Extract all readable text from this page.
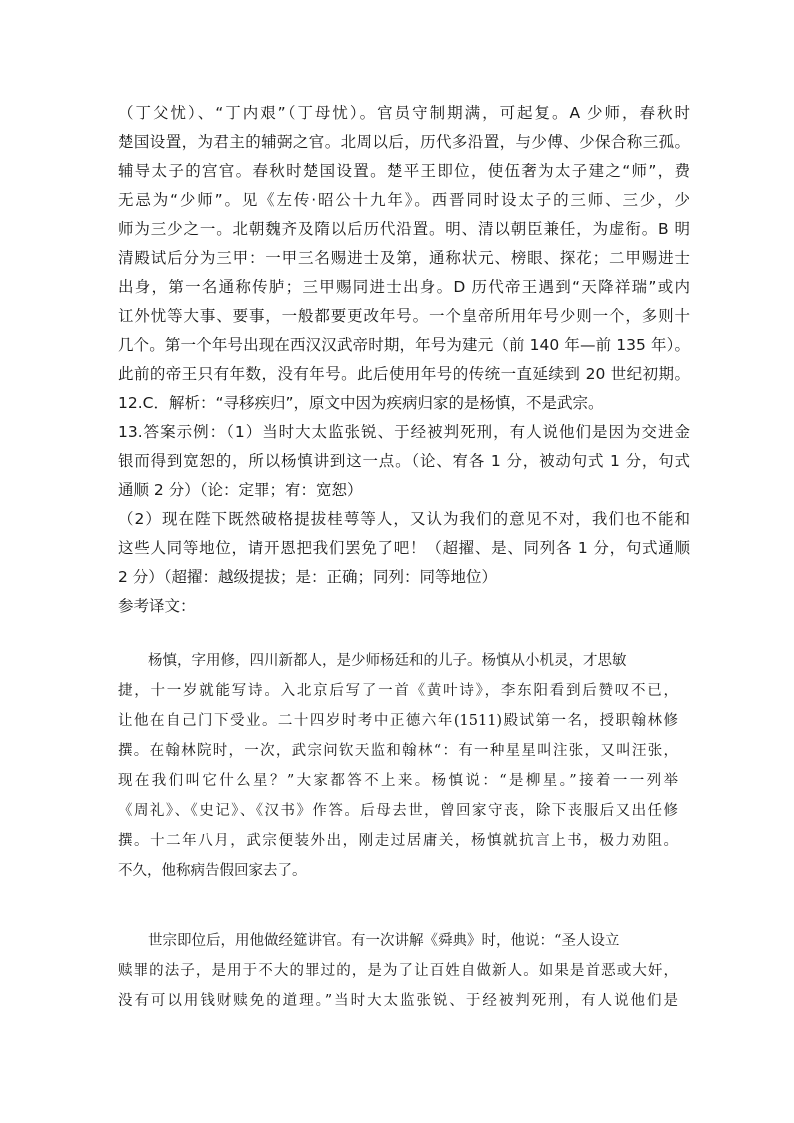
（丁父忧）、“丁内艰”（丁母忧）。官员守制期满，可起复。A 少师，春秋时
楚国设置，为君主的辅弼之官。北周以后，历代多沿置，与少傅、少保合称三孤。
辅导太子的宫官。春秋时楚国设置。楚平王即位，使伍奢为太子建之“师”，费
无忌为“少师”。见《左传·昭公十九年》。西晋同时设太子的三师、三少，少
师为三少之一。北朝魏齐及隋以后历代沿置。明、清以朝臣兼任，为虚衔。B 明
清殿试后分为三甲：一甲三名赐进士及第，通称状元、榜眼、探花；二甲赐进士
出身，第一名通称传胪；三甲赐同进士出身。D 历代帝王遇到“天降祥瑞”或内
讧外忧等大事、要事，一般都要更改年号。一个皇帝所用年号少则一个，多则十
几个。第一个年号出现在西汉汉武帝时期，年号为建元（前 140 年—前 135 年）。
此前的帝王只有年数，没有年号。此后使用年号的传统一直延续到 20 世纪初期。
12.C．解析：“寻移疾归”，原文中因为疾病归家的是杨慎，不是武宗。
13.答案示例：（1）当时大太监张锐、于经被判死刑，有人说他们是因为交进金
银而得到宽恕的，所以杨慎讲到这一点。（论、宥各 1 分，被动句式 1 分，句式
通顺 2 分）（论：定罪；宥：宽恕）
（2）现在陛下既然破格提拔桂萼等人，又认为我们的意见不对，我们也不能和
这些人同等地位，请开恩把我们罢免了吧！（超擢、是、同列各 1 分，句式通顺
2 分）（超擢：越级提拔；是：正确；同列：同等地位）
参考译文：
杨慎，字用修，四川新都人，是少师杨廷和的儿子。杨慎从小机灵，才思敏
捷，十一岁就能写诗。入北京后写了一首《黄叶诗》，李东阳看到后赞叹不已，
让他在自己门下受业。二十四岁时考中正德六年(1511)殿试第一名，授职翰林修
撰。在翰林院时，一次，武宗问钦天监和翰林“：有一种星星叫注张，又叫汪张，
现在我们叫它什么星？”大家都答不上来。杨慎说：“是柳星。”接着一一列举
《周礼》、《史记》、《汉书》作答。后母去世，曾回家守丧，除下丧服后又出任修
撰。十二年八月，武宗便装外出，刚走过居庸关，杨慎就抗言上书，极力劝阻。
不久，他称病告假回家去了。
世宗即位后，用他做经筵讲官。有一次讲解《舜典》时，他说：“圣人设立
赎罪的法子，是用于不大的罪过的，是为了让百姓自做新人。如果是首恶或大奸，
没有可以用钱财赎免的道理。”当时大太监张锐、于经被判死刑，有人说他们是
